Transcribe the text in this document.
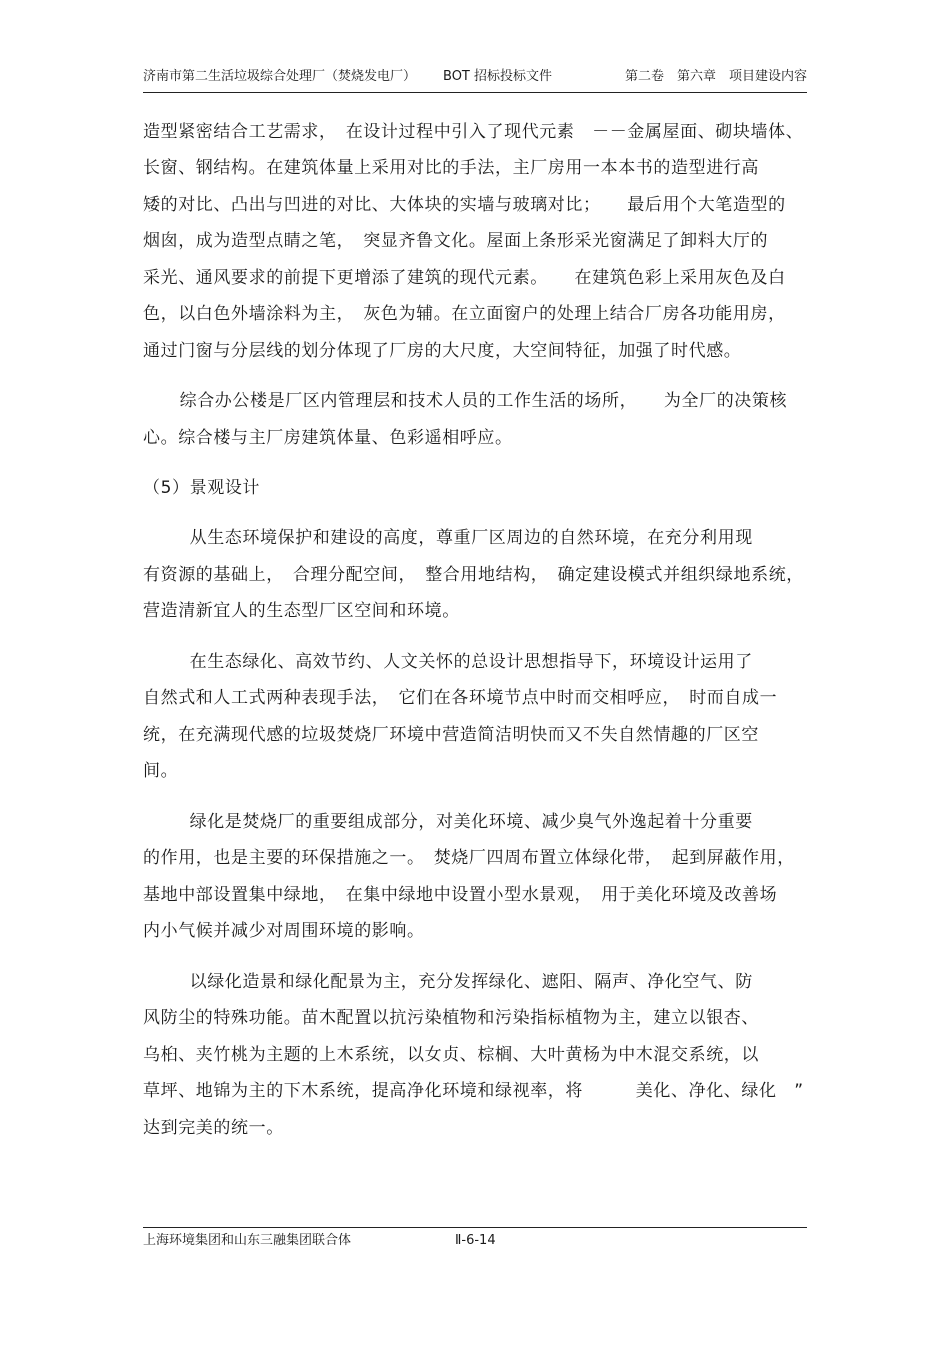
济南市第二生活垃圾综合处理厂（焚烧发电厂） BOT 招标投标文件	第二卷　第六章　项目建设内容
造型紧密结合工艺需求，　在设计过程中引入了现代元素　－－金属屋面、砌块墙体、
长窗、钢结构。在建筑体量上采用对比的手法，主厂房用一本本书的造型进行高
矮的对比、凸出与凹进的对比、大体块的实墙与玻璃对比；　　最后用个大笔造型的
烟囱，成为造型点睛之笔，　突显齐鲁文化。屋面上条形采光窗满足了卸料大厅的
采光、通风要求的前提下更增添了建筑的现代元素。　　在建筑色彩上采用灰色及白
色，以白色外墙涂料为主，　灰色为辅。在立面窗户的处理上结合厂房各功能用房，
通过门窗与分层线的划分体现了厂房的大尺度，大空间特征，加强了时代感。
　综合办公楼是厂区内管理层和技术人员的工作生活的场所，　　为全厂的决策核
心。综合楼与主厂房建筑体量、色彩遥相呼应。
（5）景观设计
　从生态环境保护和建设的高度，尊重厂区周边的自然环境，在充分利用现
有资源的基础上，　合理分配空间，　整合用地结构，　确定建设模式并组织绿地系统，
营造清新宜人的生态型厂区空间和环境。
　在生态绿化、高效节约、人文关怀的总设计思想指导下，环境设计运用了
自然式和人工式两种表现手法，　它们在各环境节点中时而交相呼应，　时而自成一
统，在充满现代感的垃圾焚烧厂环境中营造简洁明快而又不失自然情趣的厂区空
间。
　绿化是焚烧厂的重要组成部分，对美化环境、减少臭气外逸起着十分重要
的作用，也是主要的环保措施之一。　焚烧厂四周布置立体绿化带，　起到屏蔽作用，
基地中部设置集中绿地，　在集中绿地中设置小型水景观，　用于美化环境及改善场
内小气候并减少对周围环境的影响。
　以绿化造景和绿化配景为主，充分发挥绿化、遮阳、隔声、净化空气、防
风防尘的特殊功能。苗木配置以抗污染植物和污染指标植物为主，建立以银杏、
乌桕、夹竹桃为主题的上木系统，以女贞、棕榈、大叶黄杨为中木混交系统，以
草坪、地锦为主的下木系统，提高净化环境和绿视率，将　　　美化、净化、绿化　”
达到完美的统一。
上海环境集团和山东三融集团联合体	Ⅱ-6-14
